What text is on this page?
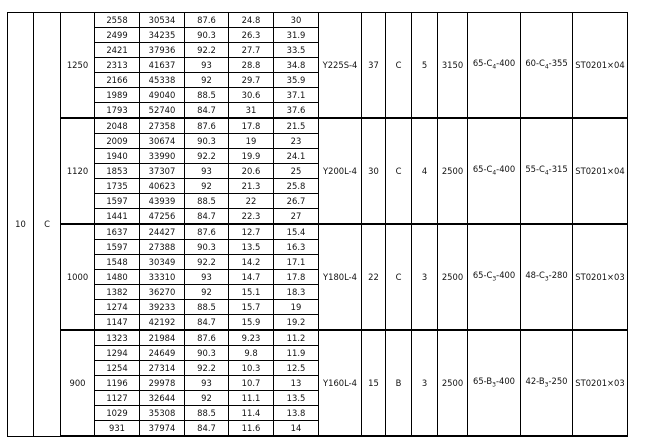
10	C	1250	2558	30534	87.6	24.8	30	Y225S-4	37	C	5	3150	$65-C_4-400$	$60-C_4-355$	ST0201×04
			2499	34235	90.3	26.3	31.9								
			2421	37936	92.2	27.7	33.5								
			2313	41637	93	28.8	34.8								
			2166	45338	92	29.7	35.9								
			1989	49040	88.5	30.6	37.1								
			1793	52740	84.7	31	37.6								
		1120	2048	27358	87.6	17.8	21.5	Y200L-4	30	C	4	2500	$65-C_4-400$	$55-C_4-315$	ST0201×04
			2009	30674	90.3	19	23								
			1940	33990	92.2	19.9	24.1								
			1853	37307	93	20.6	25								
			1735	40623	92	21.3	25.8								
			1597	43939	88.5	22	26.7								
			1441	47256	84.7	22.3	27								
		1000	1637	24427	87.6	12.7	15.4	Y180L-4	22	C	3	2500	$65-C_3-400$	$48-C_3-280$	ST0201×03
			1597	27388	90.3	13.5	16.3								
			1548	30349	92.2	14.2	17.1								
			1480	33310	93	14.7	17.8								
			1382	36270	92	15.1	18.3								
			1274	39233	88.5	15.7	19								
			1147	42192	84.7	15.9	19.2								
		900	1323	21984	87.6	9.23	11.2	Y160L-4	15	B	3	2500	$65-B_3-400$	$42-B_3-250$	ST0201×03
			1294	24649	90.3	9.8	11.9								
			1254	27314	92.2	10.3	12.5								
			1196	29978	93	10.7	13								
			1127	32644	92	11.1	13.5								
			1029	35308	88.5	11.4	13.8								
			931	37974	84.7	11.6	14								
